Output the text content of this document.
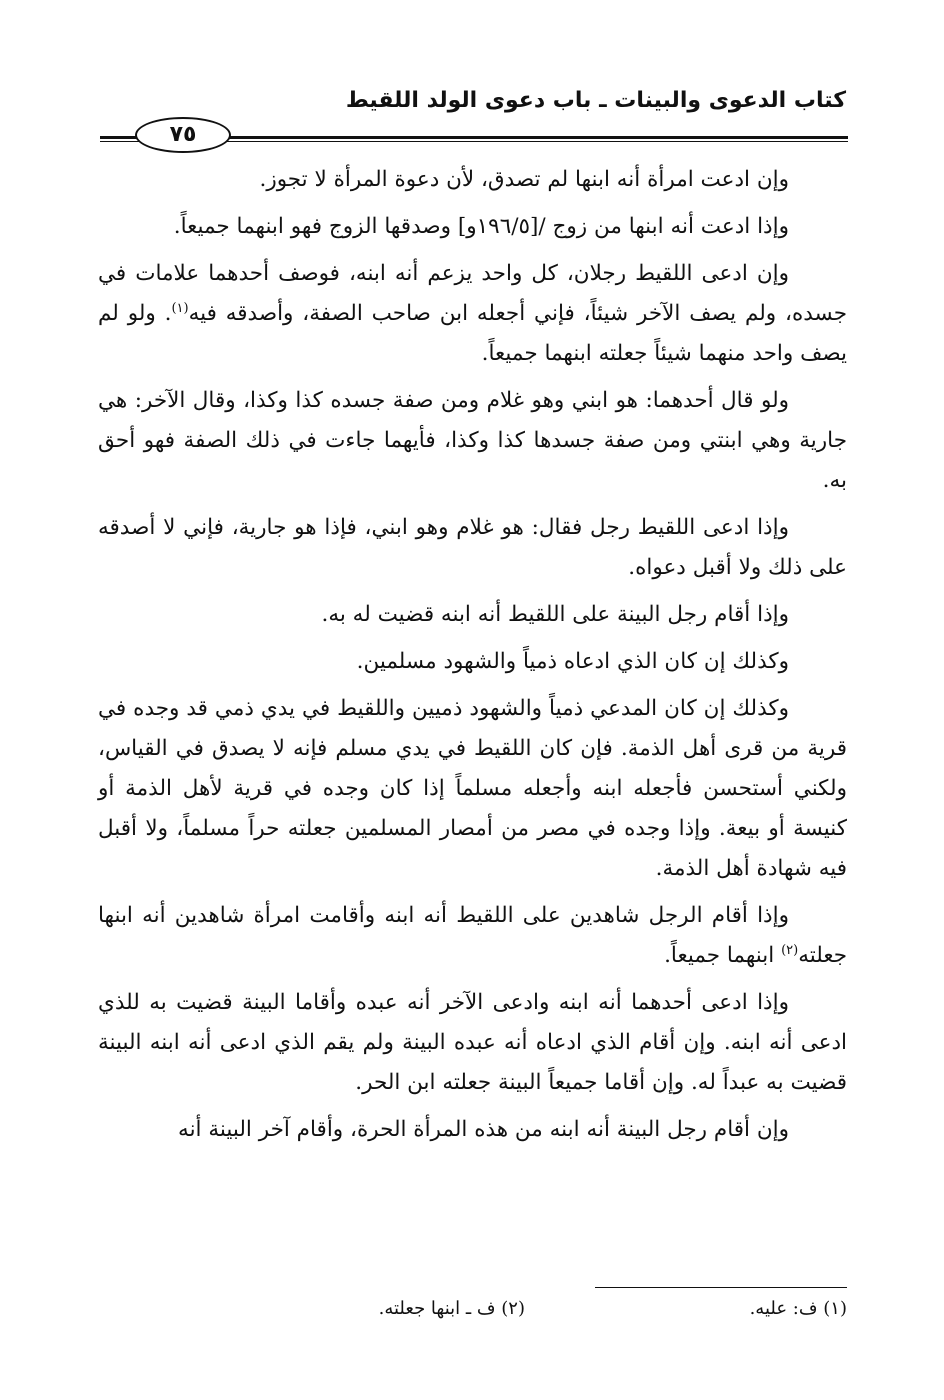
كتاب الدعوى والبينات ـ باب دعوى الولد اللقيط
٧٥

وإن ادعت امرأة أنه ابنها لم تصدق، لأن دعوة المرأة لا تجوز.

وإذا ادعت أنه ابنها من زوج /[١٩٦/٥و] وصدقها الزوج فهو ابنهما جميعاً.

وإن ادعى اللقيط رجلان، كل واحد يزعم أنه ابنه، فوصف أحدهما علامات في جسده، ولم يصف الآخر شيئاً، فإني أجعله ابن صاحب الصفة، وأصدقه فيه$^{(١)}$. ولو لم يصف واحد منهما شيئاً جعلته ابنهما جميعاً.

ولو قال أحدهما: هو ابني وهو غلام ومن صفة جسده كذا وكذا، وقال الآخر: هي جارية وهي ابنتي ومن صفة جسدها كذا وكذا، فأيهما جاءت في ذلك الصفة فهو أحق به.

وإذا ادعى اللقيط رجل فقال: هو غلام وهو ابني، فإذا هو جارية، فإني لا أصدقه على ذلك ولا أقبل دعواه.

وإذا أقام رجل البينة على اللقيط أنه ابنه قضيت له به.

وكذلك إن كان الذي ادعاه ذمياً والشهود مسلمين.

وكذلك إن كان المدعي ذمياً والشهود ذميين واللقيط في يدي ذمي قد وجده في قرية من قرى أهل الذمة. فإن كان اللقيط في يدي مسلم فإنه لا يصدق في القياس، ولكني أستحسن فأجعله ابنه وأجعله مسلماً إذا كان وجده في قرية لأهل الذمة أو كنيسة أو بيعة. وإذا وجده في مصر من أمصار المسلمين جعلته حراً مسلماً، ولا أقبل فيه شهادة أهل الذمة.

وإذا أقام الرجل شاهدين على اللقيط أنه ابنه وأقامت امرأة شاهدين أنه ابنها جعلته$^{(٢)}$ ابنهما جميعاً.

وإذا ادعى أحدهما أنه ابنه وادعى الآخر أنه عبده وأقاما البينة قضيت به للذي ادعى أنه ابنه. وإن أقام الذي ادعاه أنه عبده البينة ولم يقم الذي ادعى أنه ابنه البينة قضيت به عبداً له. وإن أقاما جميعاً البينة جعلته ابن الحر.

وإن أقام رجل البينة أنه ابنه من هذه المرأة الحرة، وأقام آخر البينة أنه

(١) ف: عليه.
(٢) ف ـ ابنها جعلته.
